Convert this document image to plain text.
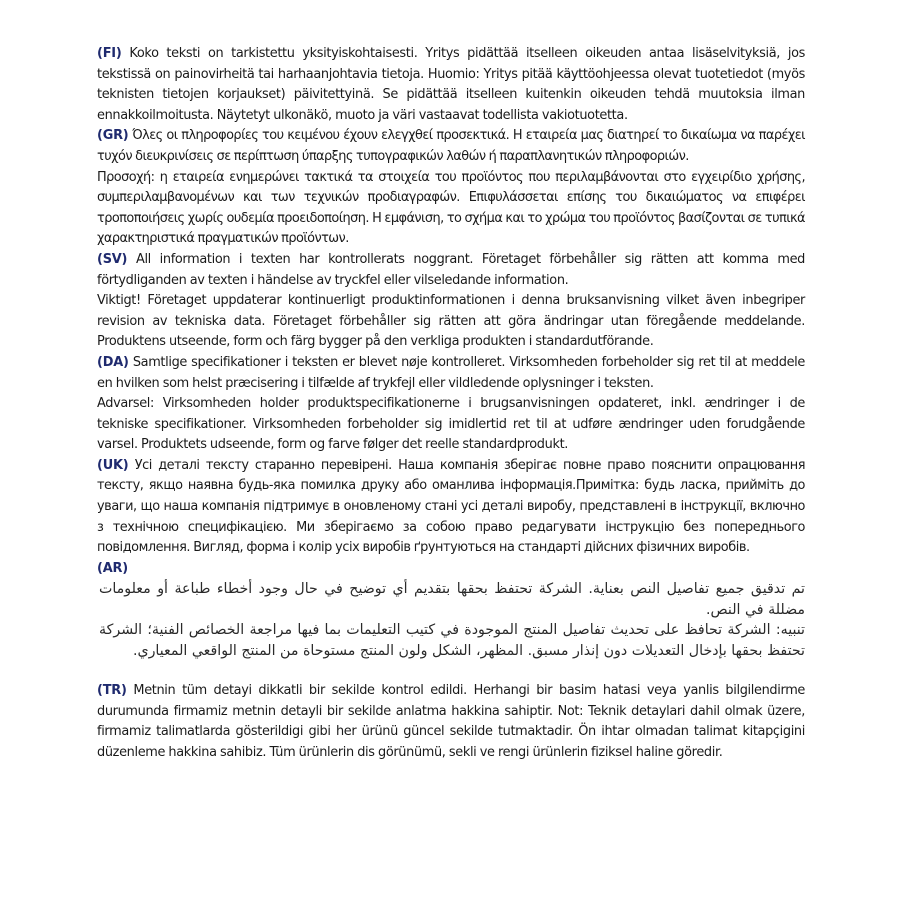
(FI) Koko teksti on tarkistettu yksityiskohtaisesti. Yritys pidättää itselleen oikeuden antaa lisäselvityksiä, jos tekstissä on painovirheitä tai harhaanjohtavia tietoja. Huomio: Yritys pitää käyttöohjeessa olevat tuotetiedot (myös teknisten tietojen korjaukset) päivitettyinä. Se pidättää itselleen kuitenkin oikeuden tehdä muutoksia ilman ennakkoilmoitusta. Näytetyt ulkonäkö, muoto ja väri vastaavat todellista vakiotuotetta.

(GR) Όλες οι πληροφορίες του κειμένου έχουν ελεγχθεί προσεκτικά. Η εταιρεία μας διατηρεί το δικαίωμα να παρέχει τυχόν διευκρινίσεις σε περίπτωση ύπαρξης τυπογραφικών λαθών ή παραπλανητικών πληροφοριών.

Προσοχή: η εταιρεία ενημερώνει τακτικά τα στοιχεία του προϊόντος που περιλαμβάνονται στο εγχειρίδιο χρήσης, συμπεριλαμβανομένων και των τεχνικών προδιαγραφών. Επιφυλάσσεται επίσης του δικαιώματος να επιφέρει τροποποιήσεις χωρίς ουδεμία προειδοποίηση. Η εμφάνιση, το σχήμα και το χρώμα του προϊόντος βασίζονται σε τυπικά χαρακτηριστικά πραγματικών προϊόντων.

(SV) All information i texten har kontrollerats noggrant. Företaget förbehåller sig rätten att komma med förtydliganden av texten i händelse av tryckfel eller vilseledande information.

Viktigt! Företaget uppdaterar kontinuerligt produktinformationen i denna bruksanvisning vilket även inbegriper revision av tekniska data. Företaget förbehåller sig rätten att göra ändringar utan föregående meddelande. Produktens utseende, form och färg bygger på den verkliga produkten i standardutförande.

(DA) Samtlige specifikationer i teksten er blevet nøje kontrolleret. Virksomheden forbeholder sig ret til at meddele en hvilken som helst præcisering i tilfælde af trykfejl eller vildledende oplysninger i teksten.

Advarsel: Virksomheden holder produktspecifikationerne i brugsanvisningen opdateret, inkl. ændringer i de tekniske specifikationer. Virksomheden forbeholder sig imidlertid ret til at udføre ændringer uden forudgående varsel. Produktets udseende, form og farve følger det reelle standardprodukt.

(UK) Усі деталі тексту старанно перевірені. Наша компанія зберігає повне право пояснити опрацювання тексту, якщо наявна будь-яка помилка друку або оманлива інформація.Примітка: будь ласка, прийміть до уваги, що наша компанія підтримує в оновленому стані усі деталі виробу, представлені в інструкції, включно з технічною специфікацією. Ми зберігаємо за собою право редагувати інструкцію без попереднього повідомлення. Вигляд, форма і колір усіх виробів ґрунтуються на стандарті дійсних фізичних виробів.

(AR)

تم تدقيق جميع تفاصيل النص بعناية. الشركة تحتفظ بحقها بتقديم أي توضيح في حال وجود أخطاء طباعة أو معلومات مضللة في النص.

تنبيه: الشركة تحافظ على تحديث تفاصيل المنتج الموجودة في كتيب التعليمات بما فيها مراجعة الخصائص الفنية؛ الشركة تحتفظ بحقها بإدخال التعديلات دون إنذار مسبق. المظهر، الشكل ولون المنتج مستوحاة من المنتج الواقعي المعياري.

(TR) Metnin tüm detayi dikkatli bir sekilde kontrol edildi. Herhangi bir basim hatasi veya yanlis bilgilendirme durumunda firmamiz metnin detayli bir sekilde anlatma hakkina sahiptir. Not: Teknik detaylari dahil olmak üzere, firmamiz talimatlarda gösterildigi gibi her ürünü güncel sekilde tutmaktadir. Ön ihtar olmadan talimat kitapçigini düzenleme hakkina sahibiz. Tüm ürünlerin dis görünümü, sekli ve rengi ürünlerin fiziksel haline göredir.
